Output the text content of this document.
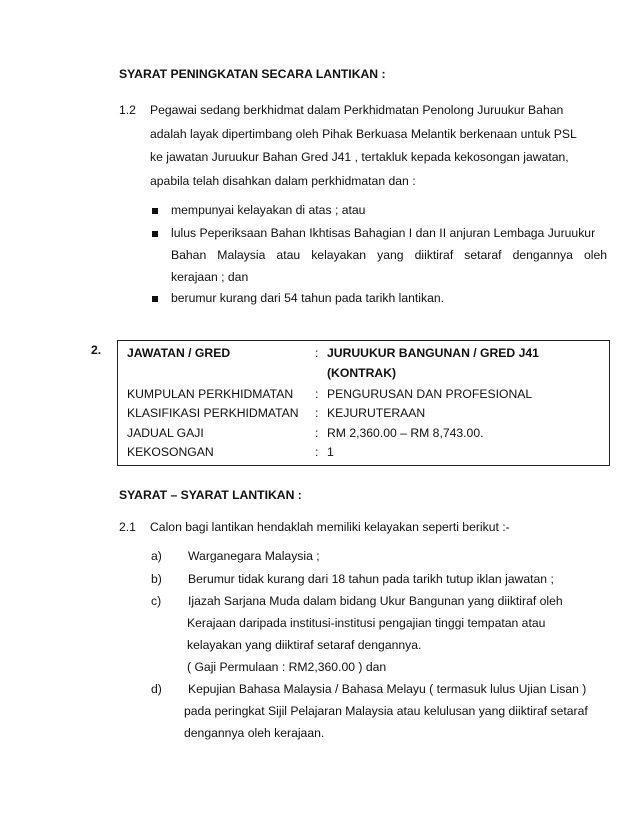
SYARAT PENINGKATAN SECARA LANTIKAN :
1.2 Pegawai sedang berkhidmat dalam Perkhidmatan Penolong Juruukur Bahan
adalah layak dipertimbang oleh Pihak Berkuasa Melantik berkenaan untuk PSL
ke jawatan Juruukur Bahan Gred J41 , tertakluk kepada kekosongan jawatan,
apabila telah disahkan dalam perkhidmatan dan :
mempunyai kelayakan di atas ; atau
lulus Peperiksaan Bahan Ikhtisas Bahagian I dan II anjuran Lembaga Juruukur
Bahan Malaysia atau kelayakan yang diiktiraf setaraf dengannya oleh
kerajaan ; dan
berumur kurang dari 54 tahun pada tarikh lantikan.
2. JAWATAN / GRED	: JURUUKUR BANGUNAN / GRED J41
(KONTRAK)
KUMPULAN PERKHIDMATAN : PENGURUSAN DAN PROFESIONAL
KLASIFIKASI PERKHIDMATAN : KEJURUTERAAN
JADUAL GAJI	: RM 2,360.00 – RM 8,743.00.
KEKOSONGAN	: 1
SYARAT – SYARAT LANTIKAN :
2.1 Calon bagi lantikan hendaklah memiliki kelayakan seperti berikut :-
a) Warganegara Malaysia ;
b) Berumur tidak kurang dari 18 tahun pada tarikh tutup iklan jawatan ;
c) Ijazah Sarjana Muda dalam bidang Ukur Bangunan yang diiktiraf oleh
Kerajaan daripada institusi-institusi pengajian tinggi tempatan atau
kelayakan yang diiktiraf setaraf dengannya.
( Gaji Permulaan : RM2,360.00 ) dan
d) Kepujian Bahasa Malaysia / Bahasa Melayu ( termasuk lulus Ujian Lisan )
pada peringkat Sijil Pelajaran Malaysia atau kelulusan yang diiktiraf setaraf
dengannya oleh kerajaan.
